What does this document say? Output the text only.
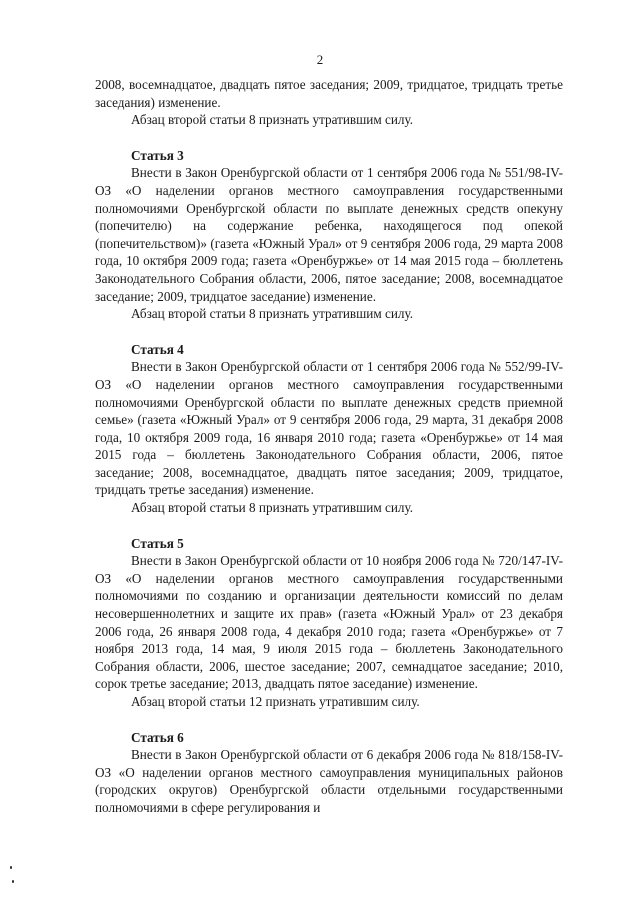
2

2008, восемнадцатое, двадцать пятое заседания; 2009, тридцатое, тридцать третье заседания) изменение.

Абзац второй статьи 8 признать утратившим силу.

Статья 3

Внести в Закон Оренбургской области от 1 сентября 2006 года № 551/98-IV-ОЗ «О наделении органов местного самоуправления государственными полномочиями Оренбургской области по выплате денежных средств опекуну (попечителю) на содержание ребенка, находящегося под опекой (попечительством)» (газета «Южный Урал» от 9 сентября 2006 года, 29 марта 2008 года, 10 октября 2009 года; газета «Оренбуржье» от 14 мая 2015 года – бюллетень Законодательного Собрания области, 2006, пятое заседание; 2008, восемнадцатое заседание; 2009, тридцатое заседание) изменение.

Абзац второй статьи 8 признать утратившим силу.

Статья 4

Внести в Закон Оренбургской области от 1 сентября 2006 года № 552/99-IV-ОЗ «О наделении органов местного самоуправления государственными полномочиями Оренбургской области по выплате денежных средств приемной семье» (газета «Южный Урал» от 9 сентября 2006 года, 29 марта, 31 декабря 2008 года, 10 октября 2009 года, 16 января 2010 года; газета «Оренбуржье» от 14 мая 2015 года – бюллетень Законодательного Собрания области, 2006, пятое заседание; 2008, восемнадцатое, двадцать пятое заседания; 2009, тридцатое, тридцать третье заседания) изменение.

Абзац второй статьи 8 признать утратившим силу.

Статья 5

Внести в Закон Оренбургской области от 10 ноября 2006 года № 720/147-IV-ОЗ «О наделении органов местного самоуправления государственными полномочиями по созданию и организации деятельности комиссий по делам несовершеннолетних и защите их прав» (газета «Южный Урал» от 23 декабря 2006 года, 26 января 2008 года, 4 декабря 2010 года; газета «Оренбуржье» от 7 ноября 2013 года, 14 мая, 9 июля 2015 года – бюллетень Законодательного Собрания области, 2006, шестое заседание; 2007, семнадцатое заседание; 2010, сорок третье заседание; 2013, двадцать пятое заседание) изменение.

Абзац второй статьи 12 признать утратившим силу.

Статья 6

Внести в Закон Оренбургской области от 6 декабря 2006 года № 818/158-IV-ОЗ «О наделении органов местного самоуправления муниципальных районов (городских округов) Оренбургской области отдельными государственными полномочиями в сфере регулирования и
